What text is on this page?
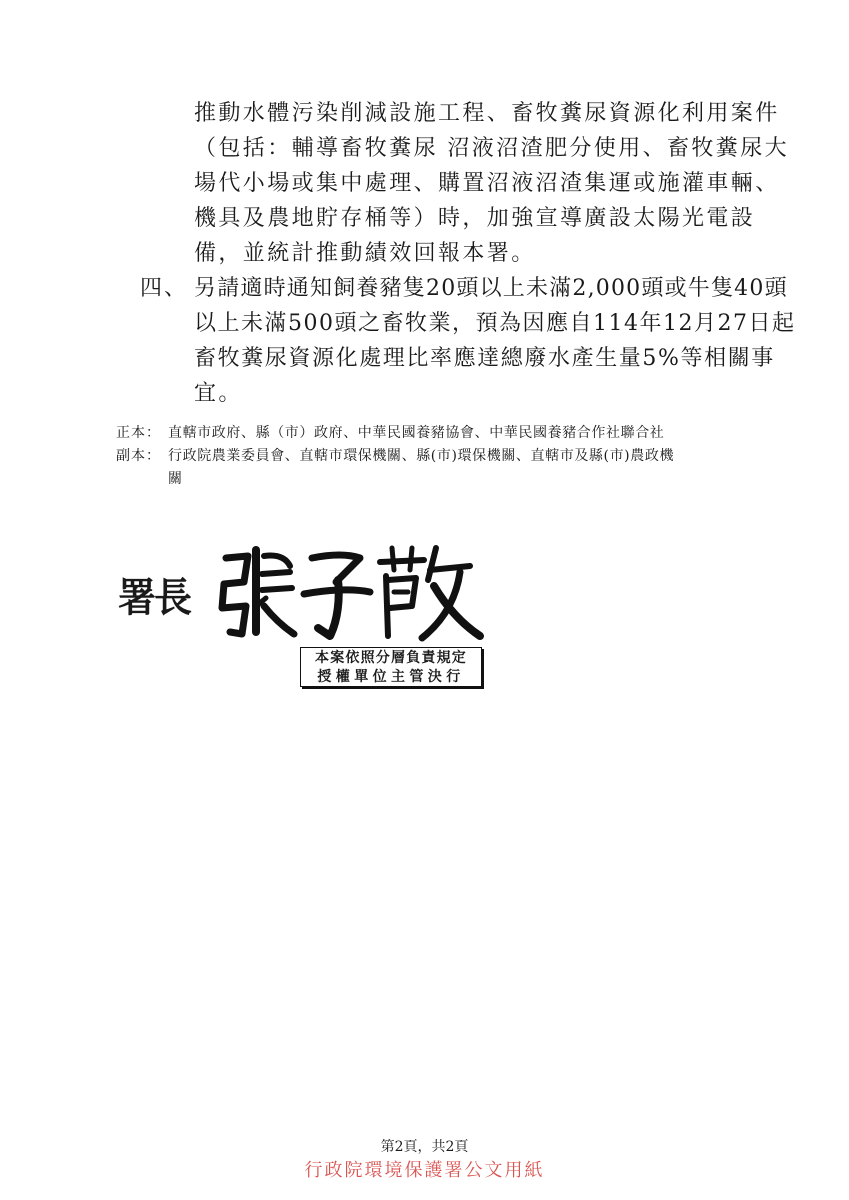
推動水體污染削減設施工程、畜牧糞尿資源化利用案件
（包括：輔導畜牧糞尿 沼液沼渣肥分使用、畜牧糞尿大
場代小場或集中處理、購置沼液沼渣集運或施灌車輛、
機具及農地貯存桶等）時，加強宣導廣設太陽光電設
備，並統計推動績效回報本署。
四、 另請適時通知飼養豬隻20頭以上未滿2,000頭或牛隻40頭
以上未滿500頭之畜牧業，預為因應自114年12月27日起
畜牧糞尿資源化處理比率應達總廢水產生量5%等相關事
宜。
正本： 直轄市政府、縣（市）政府、中華民國養豬協會、中華民國養豬合作社聯合社
副本： 行政院農業委員會、直轄市環保機關、縣(市)環保機關、直轄市及縣(市)農政機
關
署長
本案依照分層負責規定
授權單位主管決行
第2頁，共2頁
行政院環境保護署公文用紙
